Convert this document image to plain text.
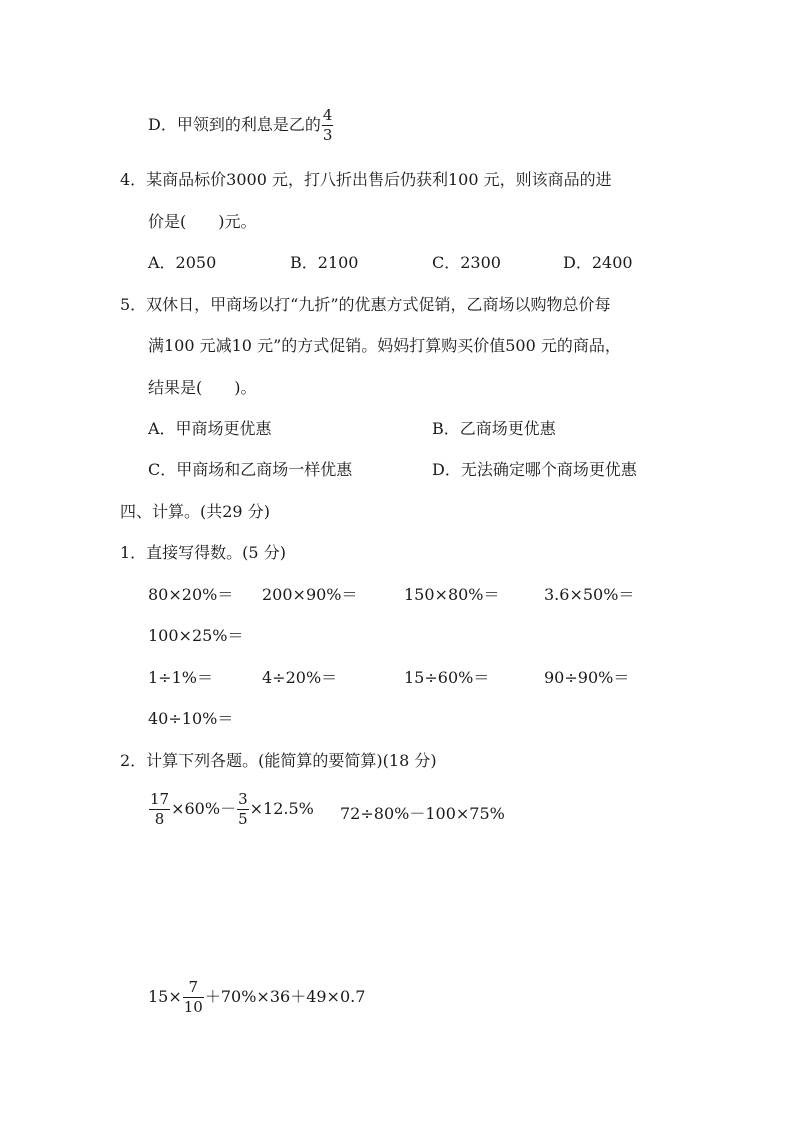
D．甲领到的利息是乙的 $\frac{4}{3}$
4．某商品标价3000 元，打八折出售后仍获利100 元，则该商品的进
价是(　　)元。
A．2050	B．2100	C．2300	D．2400
5．双休日，甲商场以打“九折”的优惠方式促销，乙商场以购物总价每
满100 元减10 元”的方式促销。妈妈打算购买价值500 元的商品，
结果是(　　)。
A．甲商场更优惠	B．乙商场更优惠
C．甲商场和乙商场一样优惠	D．无法确定哪个商场更优惠
四、计算。(共29 分)
1．直接写得数。(5 分)
80×20%＝ 200×90%＝	150×80%＝	3.6×50%＝
100×25%＝
1÷1%＝	4÷20%＝	15÷60%＝	90÷90%＝
40÷10%＝
2．计算下列各题。(能简算的要简算)(18 分)
$\frac{17}{8} \times 60\%- \frac{3}{5} \times 12.5\%$ 72÷80%－100×75%
$15\times \frac{7}{10} +70\%\times 36+49\times 0.7$
